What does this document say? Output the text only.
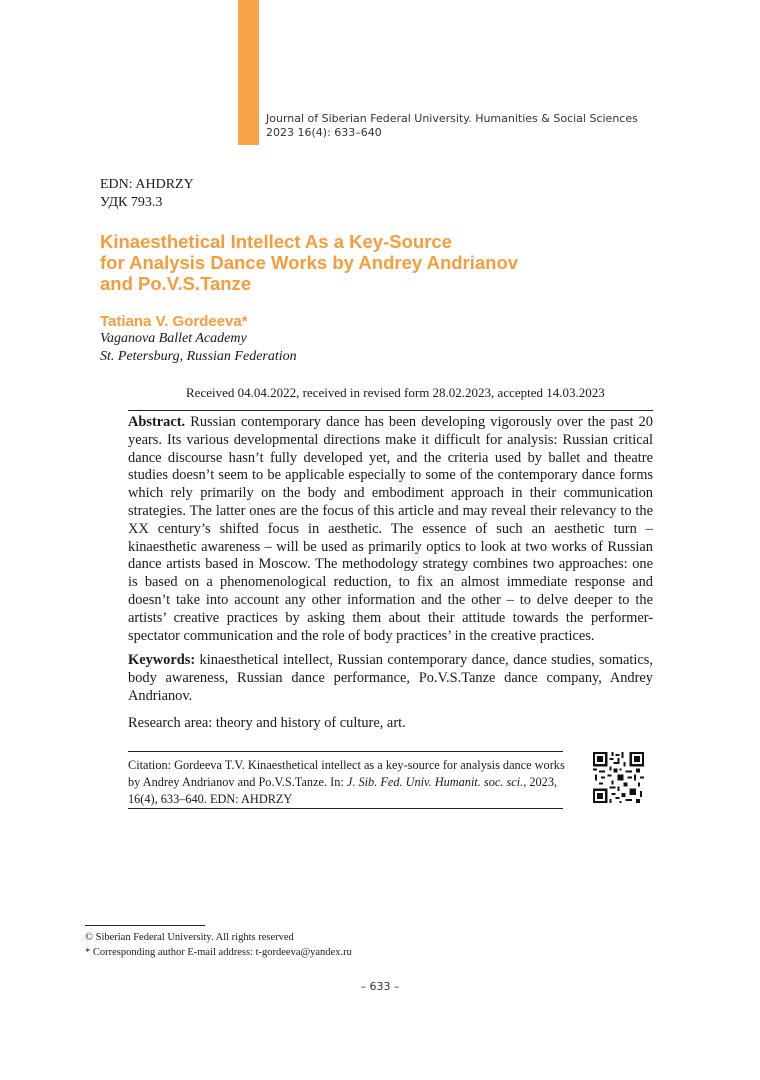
Journal of Siberian Federal University. Humanities & Social Sciences
2023 16(4): 633–640
EDN: AHDRZY
УДК 793.3
Kinaesthetical Intellect As a Key-Source
for Analysis Dance Works by Andrey Andrianov
and Po.V.S.Tanze
Tatiana V. Gordeeva*
Vaganova Ballet Academy
St. Petersburg, Russian Federation
Received 04.04.2022, received in revised form 28.02.2023, accepted 14.03.2023
Abstract. Russian contemporary dance has been developing vigorously over the past 20 years. Its various developmental directions make it difficult for analysis: Russian critical dance discourse hasn’t fully developed yet, and the criteria used by ballet and theatre studies doesn’t seem to be applicable especially to some of the contemporary dance forms which rely primarily on the body and embodiment approach in their communication strategies. The latter ones are the focus of this article and may reveal their relevancy to the XX century’s shifted focus in aesthetic. The essence of such an aesthetic turn – kinaesthetic awareness – will be used as primarily optics to look at two works of Russian dance artists based in Moscow. The methodology strategy combines two approaches: one is based on a phenomenological reduction, to fix an almost immediate response and doesn’t take into account any other information and the other – to delve deeper to the artists’ creative practices by asking them about their attitude towards the performer-spectator communication and the role of body practices’ in the creative practices.
Keywords: kinaesthetical intellect, Russian contemporary dance, dance studies, somatics, body awareness, Russian dance performance, Po.V.S.Tanze dance company, Andrey Andrianov.
Research area: theory and history of culture, art.
Citation: Gordeeva T.V. Kinaesthetical intellect as a key-source for analysis dance works by Andrey Andrianov and Po.V.S.Tanze. In: J. Sib. Fed. Univ. Humanit. soc. sci., 2023, 16(4), 633–640. EDN: AHDRZY
© Siberian Federal University. All rights reserved
* Corresponding author E-mail address: t-gordeeva@yandex.ru
– 633 –
